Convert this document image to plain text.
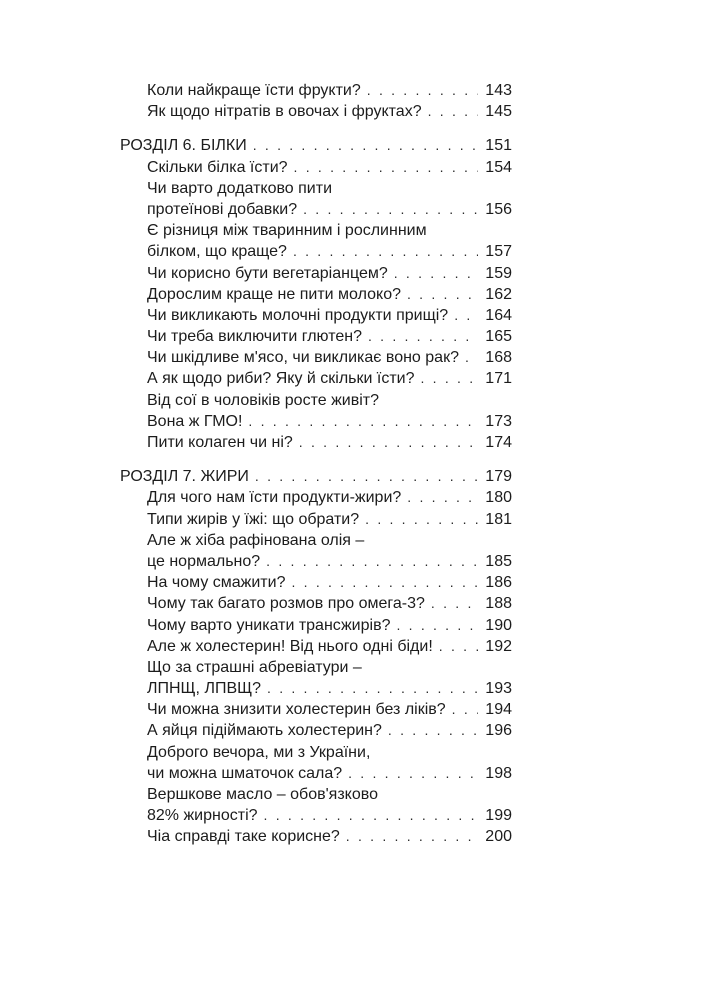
Коли найкраще їсти фрукти? . . .	143
Як щодо нітратів в овочах і фруктах? . . .	145
РОЗДІЛ 6. БІЛКИ . . .	151
Скільки білка їсти? . . .	154
Чи варто додатково пити
протеїнові добавки? . . .	156
Є різниця між тваринним і рослинним
білком, що краще? . . .	157
Чи корисно бути вегетаріанцем? . . .	159
Дорослим краще не пити молоко? . . .	162
Чи викликають молочні продукти прищі? . . . 164
Чи треба виключити глютен? . . .	165
Чи шкідливе м'ясо, чи викликає воно рак? . . . 168
А як щодо риби? Яку й скільки їсти? . . .	171
Від сої в чоловіків росте живіт?
Вона ж ГМО! . . .	173
Пити колаген чи ні? . . .	174
РОЗДІЛ 7. ЖИРИ . . .	179
Для чого нам їсти продукти-жири? . . .	180
Типи жирів у їжі: що обрати? . . .	181
Але ж хіба рафінована олія –
це нормально? . . .	185
На чому смажити? . . .	186
Чому так багато розмов про омега-3? . . .	188
Чому варто уникати трансжирів? . . .	190
Але ж холестерин! Від нього одні біди! . . .	192
Що за страшні абревіатури –
ЛПНЩ, ЛПВЩ? . . .	193
Чи можна знизити холестерин без ліків? . . . 194
А яйця підіймають холестерин? . . .	196
Доброго вечора, ми з України,
чи можна шматочок сала? . . .	198
Вершкове масло – обов'язково
82% жирності? . . .	199
Чіа справді таке корисне? . . .	200
